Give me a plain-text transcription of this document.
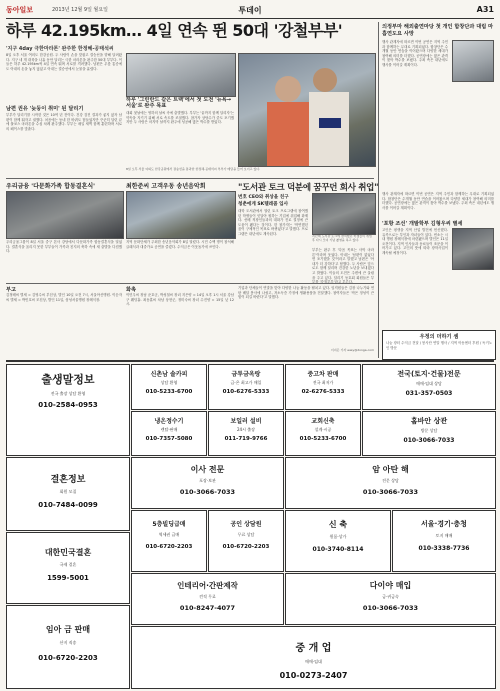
동아일보	2013년 12월 9일 월요일	투데이	A31
하루 42.195km… 4일 연속 뛴 50대 '강철부부'
'지구 4day 극한마라톤' 완주한 한정혜-공태석씨
8일 오후 서울 여의도 한강공원. 두 사람이 손을 맞잡고 결승선을 향해 달려왔다. 지구 네 개 대륙을 나흘 동안 달리는 극한 마라톤을 완주한 50대 부부다. 이들은 하루 42.195km씩 4일 연속 뛰며 서로를 격려했다. 남편은 무릎 통증에도 아내의 손을 놓지 않았고 아내는 결승선에서 눈물을 흘렸다.
남편 권유 '늦둥이 취미' 된 달리기
부부가 달리기를 시작한 것은 10여 년 전이다. 건강 검진 결과가 좋지 않자 남편이 함께 뛰자고 권했다. 처음에는 동네 한 바퀴도 힘들었지만 꾸준히 달린 끝에 풀코스 마라톤을 수십 차례 완주했다. 부부는 매일 새벽 함께 훈련하며 서로의 페이스를 맞춘다.
하루 '그린란드 같은 트랙'에서 첫 도전 '뉴욕→서울'로 완주 목표
대회 첫날에는 영하의 날씨 속에 출발했다. 부부는 '끝까지 함께 달리자'는 약속을 지키기 위해 서로 속도를 조절했다. 참가자 상당수가 중도 포기했지만 두 사람은 마지막 날까지 완주에 성공해 많은 박수를 받았다.
8일 오후 서울 여의도 한강공원에서 결승선을 통과한 한정혜-공태석씨 부부가 메달을 들어 보이고 있다.
우리금융 '다문화가족 합동결혼식'
우리금융그룹이 8일 서울 중구 본사 강당에서 다문화가족 합동결혼식을 열었다. 결혼식을 올리지 못한 부부들이 가족과 친지의 축하 속에 새 출발을 다짐했다.
최한준씨 고객우동 송년음악회
지역 문화단체가 주최한 송년음악회가 8일 열렸다. 시민 수백 명이 참석해 클래식과 대중가요 공연을 즐겼다. 수익금은 이웃돕기에 쓰인다.
"도서관 토크 덕분에 꿈꾸던 회사 취업"
번호 CEO와 취상을 친구
청춘에게 SK텔레콤 입사
지난해 도서관 토크에 참여했던 학생들이 취업 후 다시 모여 기념 촬영을 하고 있다.
대학 도서관에서 열린 토크 프로그램에 참여했던 학생들이 잇달아 원하는 기업에 취업해 화제다. 선배 직장인들과의 대화가 진로 결정에 큰 도움이 됐다는 것이다. 한 참가자는 '막연했던 꿈이 구체적인 목표로 바뀌었다'고 말했다. 프로그램은 내년에도 계속된다.
부부는 완주 후 '다음 목표는 사막 마라톤'이라며 웃었다. 아내는 '남편이 없었다면 포기했을 것'이라고 말했고 남편은 '아내가 더 강하다'고 답했다. 두 사람은 앞으로도 함께 달리며 건강한 노년을 보내겠다고 밝혔다. 이들의 도전은 주변에 큰 울림을 주고 있다. 달리기 동호회 회원들은 부
부고
김정배씨 별세 = 김영수씨 부친상, 발인 10일 오전 7시, 서울아산병원. 이순자씨 별세 = 박민호씨 모친상, 발인 11일, 삼성서울병원 장례식장.
화촉
이민우씨 장남 준호군, 박성철씨 장녀 지은양 = 14일 오후 1시 서울 강남구 웨딩홀. 최동훈씨 차남 상현군, 정미숙씨 장녀 수진양 = 15일 낮 12시.
기업과 단체들이 연말을 맞아 다양한 나눔 활동을 펼치고 있다. 임직원들은 김장 나누기와 연탄 배달 봉사에 나섰고, 저소득층 가정에 생활용품을 전달했다. 참여자들은 '작은 정성이 큰 힘이 되길 바란다'고 말했다.
이지은 기자 easy@donga.com
의정부마 해외출연마당 첫 개인 합창단과 대립 마 흡연도요 사망
행사 관계자에 따르면 이번 공연은 지역 주민과 함께하는 무대로 기획되었다. 합창단은 수개월 동안 연습을 이어왔으며 다양한 세대가 참여해 의미를 더했다. 공연장에는 많은 관객이 찾아 박수를 보냈다. 주최 측은 내년에도 행사를 이어갈 계획이다.
행사 관계자에 따르면 이번 공연은 지역 주민과 함께하는 무대로 기획되었다. 합창단은 수개월 동안 연습을 이어왔으며 다양한 세대가 참여해 의미를 더했다. 공연장에는 많은 관객이 찾아 박수를 보냈다. 주최 측은 내년에도 행사를 이어갈 계획이다.
'포항 조선' 개발학부 김형우씨 별세
고인은 평생을 지역 산업 발전에 헌신했다. 유족으로는 부인과 자녀들이 있다. 빈소는 시내 병원 장례식장에 마련됐으며 발인은 11일 오전이다. 지역 인사들과 동료들이 조문을 이어가고 있다. 고인의 뜻에 따라 장학사업이 계속될 예정이다.
우정의 더하기 셈
나눔 장터 수익금 전달 / 봉사단 연말 행사 / 지역 아동센터 후원 / 독거노인 방문
출생말정보
전국 출장 상담 환영
010-2584-0953
신촌남 솔카피
상담 환영
010-5233-6700
금투금옥랑
금·은 최고가 매입
010-6276-5333
중고차 판매
전국 최저가
02-6276-5333
전국(토지·건물)전문
매매·임대 상담
031-357-0503
냉온정수기
렌탈·판매
010-7357-5080
보일러 설비
24시 출장
011-719-9766
교회신축
설계·시공
010-5233-6700
홈바안 상관
방문 상담
010-3066-7033
이사 전문
포장·보관
010-3066-7033
암 아탄 해
전문 상담
010-3066-7033
결혼정보
회원 모집
010-7484-0099
5층빌딩급매
역세권 급매
010-6720-2203
공인 상담원
무료 상담
010-6720-2203
신 축
원룸·상가
010-3740-8114
서울·경기·충청
토지 매매
010-3338-7736
대한민국결혼
국제 결혼
1599-5001
인테리어·간판제작
견적 무료
010-8247-4077
다이야 매입
금·귀금속
010-3066-7033
임아 금 판매
산지 직송
010-6720-2203
중 개 업
매매·임대
010-0273-2407
